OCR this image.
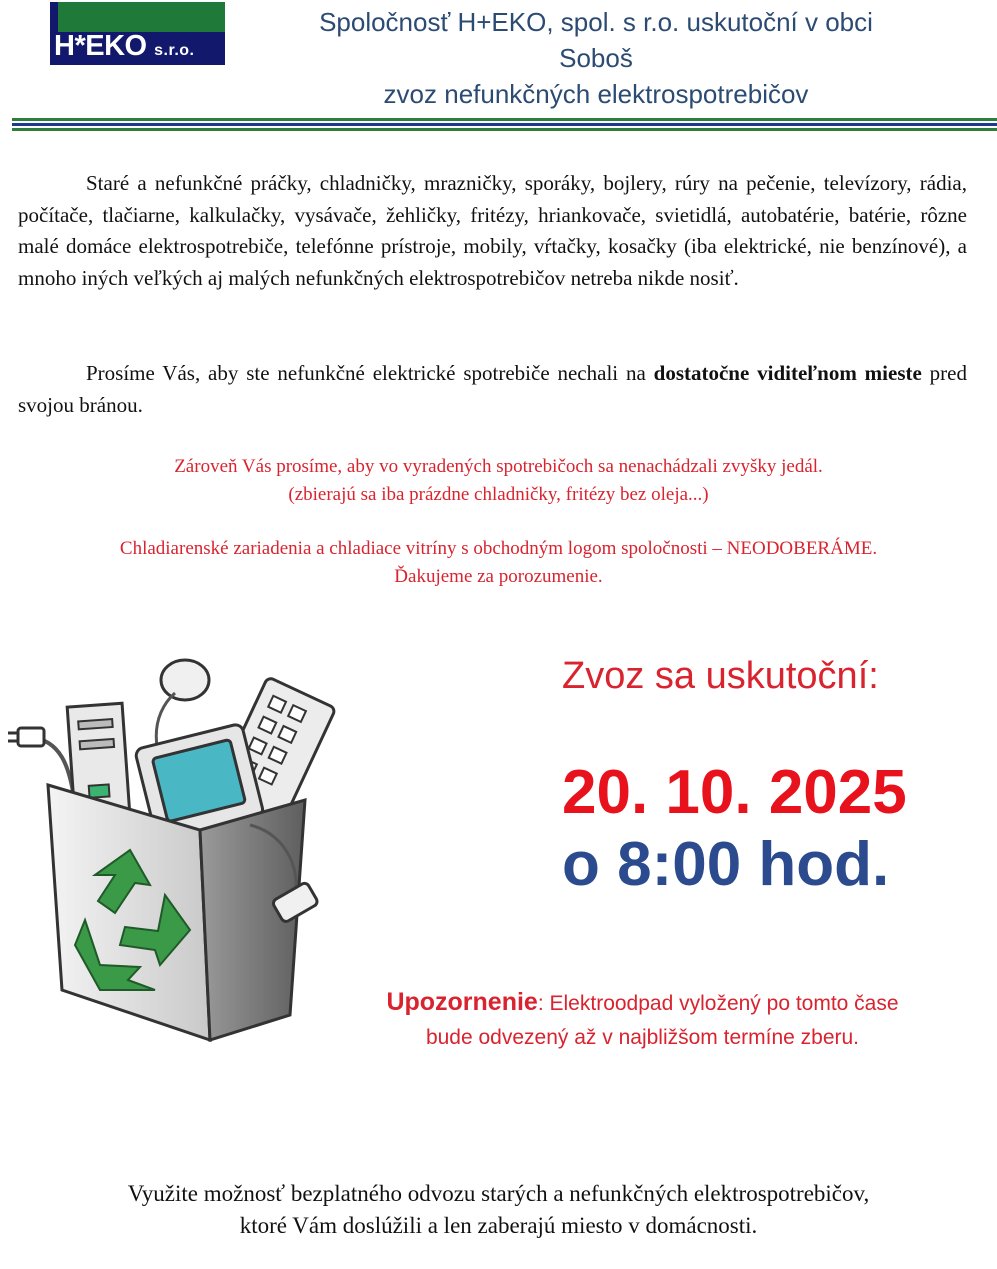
H*EKO s.r.o.
Spoločnosť H+EKO, spol. s r.o. uskutoční v obci
Soboš
zvoz nefunkčných elektrospotrebičov
Staré a nefunkčné práčky, chladničky, mrazničky, sporáky, bojlery, rúry na pečenie, televízory, rádia, počítače, tlačiarne, kalkulačky, vysávače, žehličky, fritézy, hriankovače, svietidlá, autobatérie, batérie, rôzne malé domáce elektrospotrebiče, telefónne prístroje, mobily, vŕtačky, kosačky (iba elektrické, nie benzínové), a mnoho iných veľkých aj malých nefunkčných elektrospotrebičov netreba nikde nosiť.
Prosíme Vás, aby ste nefunkčné elektrické spotrebiče nechali na dostatočne viditeľnom mieste pred svojou bránou.
Zároveň Vás prosíme, aby vo vyradených spotrebičoch sa nenachádzali zvyšky jedál.
(zbierajú sa iba prázdne chladničky, fritézy bez oleja...)
Chladiarenské zariadenia a chladiace vitríny s obchodným logom spoločnosti – NEODOBERÁME.
Ďakujeme za porozumenie.
Zvoz sa uskutoční:
20. 10. 2025
o 8:00 hod.
Upozornenie: Elektroodpad vyložený po tomto čase
bude odvezený až v najbližšom termíne zberu.
Využite možnosť bezplatného odvozu starých a nefunkčných elektrospotrebičov,
ktoré Vám doslúžili a len zaberajú miesto v domácnosti.
